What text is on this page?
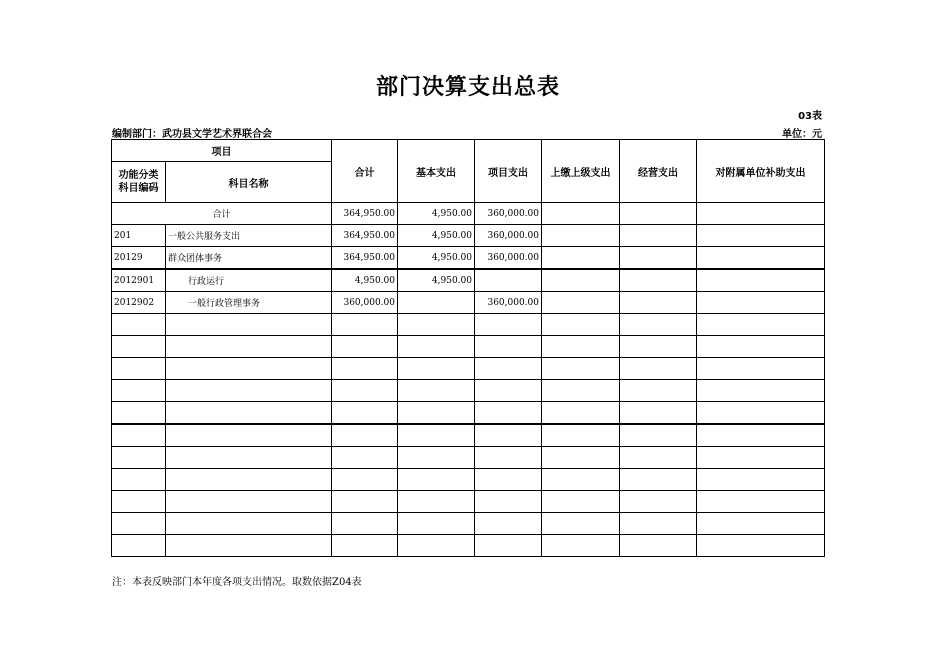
部门决算支出总表
03表
编制部门：武功县文学艺术界联合会	单位：元
项目		合计	基本支出	项目支出	上缴上级支出	经营支出	对附属单位补助支出
功能分类科目编码	科目名称						
合计		364,950.00	4,950.00	360,000.00			
201	一般公共服务支出	364,950.00	4,950.00	360,000.00			
20129	群众团体事务	364,950.00	4,950.00	360,000.00			
2012901	行政运行	4,950.00	4,950.00				
2012902	一般行政管理事务	360,000.00		360,000.00			

注：本表反映部门本年度各项支出情况。取数依据Z04表
